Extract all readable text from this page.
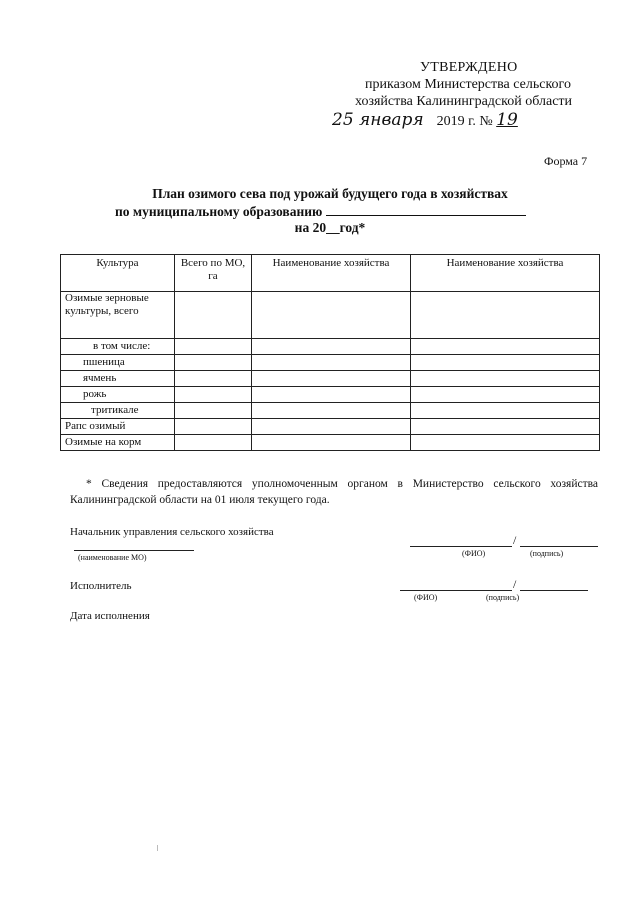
УТВЕРЖДЕНО
приказом Министерства сельского
хозяйства Калининградской области
25 января 2019 г. № 19
Форма 7
План озимого сева под урожай будущего года в хозяйствах
по муниципальному образованию
на 20__год*
Культура	Всего по МО, га	Наименование хозяйства	Наименование хозяйства
Озимые зерновые культуры, всего			
в том числе:			
пшеница			
ячмень			
рожь			
тритикале			
Рапс озимый			
Озимые на корм			
* Сведения предоставляются уполномоченным органом в Министерство сельского хозяйства Калининградской области на 01 июля текущего года.
Начальник управления сельского хозяйства
(наименование МО)
/
(ФИО)	(подпись)
Исполнитель	/
(ФИО)	(подпись)
Дата исполнения
